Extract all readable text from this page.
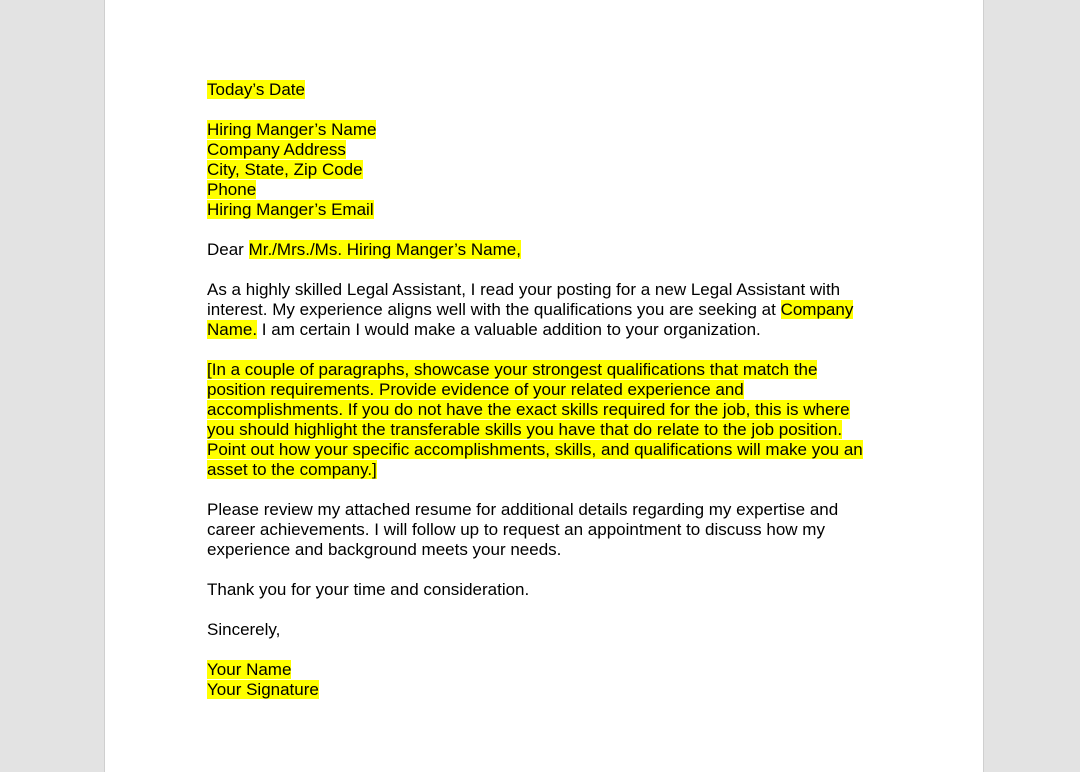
Today’s Date

Hiring Manger’s Name
Company Address
City, State, Zip Code
Phone
Hiring Manger’s Email

Dear Mr./Mrs./Ms. Hiring Manger’s Name,

As a highly skilled Legal Assistant, I read your posting for a new Legal Assistant with
interest. My experience aligns well with the qualifications you are seeking at Company
Name. I am certain I would make a valuable addition to your organization.

[In a couple of paragraphs, showcase your strongest qualifications that match the
position requirements. Provide evidence of your related experience and
accomplishments. If you do not have the exact skills required for the job, this is where
you should highlight the transferable skills you have that do relate to the job position.
Point out how your specific accomplishments, skills, and qualifications will make you an
asset to the company.]

Please review my attached resume for additional details regarding my expertise and
career achievements. I will follow up to request an appointment to discuss how my
experience and background meets your needs.

Thank you for your time and consideration.

Sincerely,

Your Name
Your Signature
